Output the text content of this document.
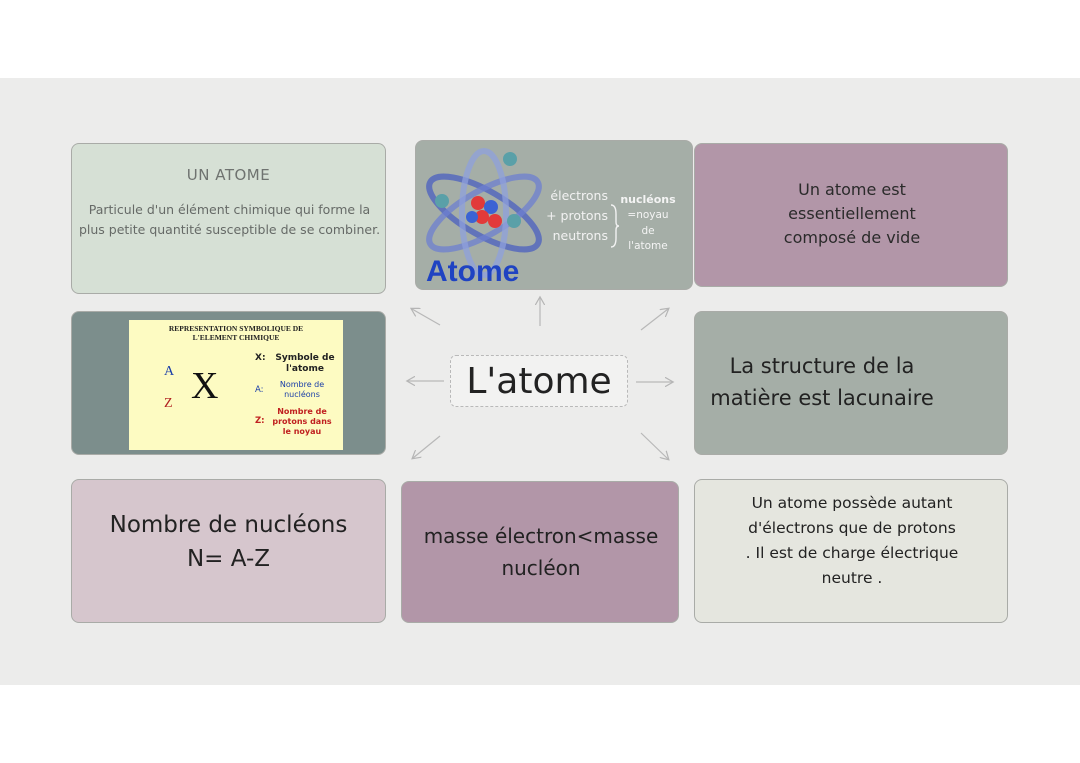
UN ATOME
Particule d'un élément chimique qui forme la plus petite quantité susceptible de se combiner.
Atome
électrons
+ protons
neutrons
nucléons
=noyau
de
l'atome
Un atome est essentiellement composé de vide
REPRESENTATION SYMBOLIQUE DE L'ELEMENT CHIMIQUE
A
Z X
X:	Symbole de l'atome
A:
Nombre de nucléons
Z:
Nombre de protons dans le noyau
L'atome	La structure de la matière est lacunaire
Nombre de nucléons
N= A-Z
masse électron<masse nucléon
Un atome possède autant d'électrons que de protons . Il est de charge électrique neutre .
